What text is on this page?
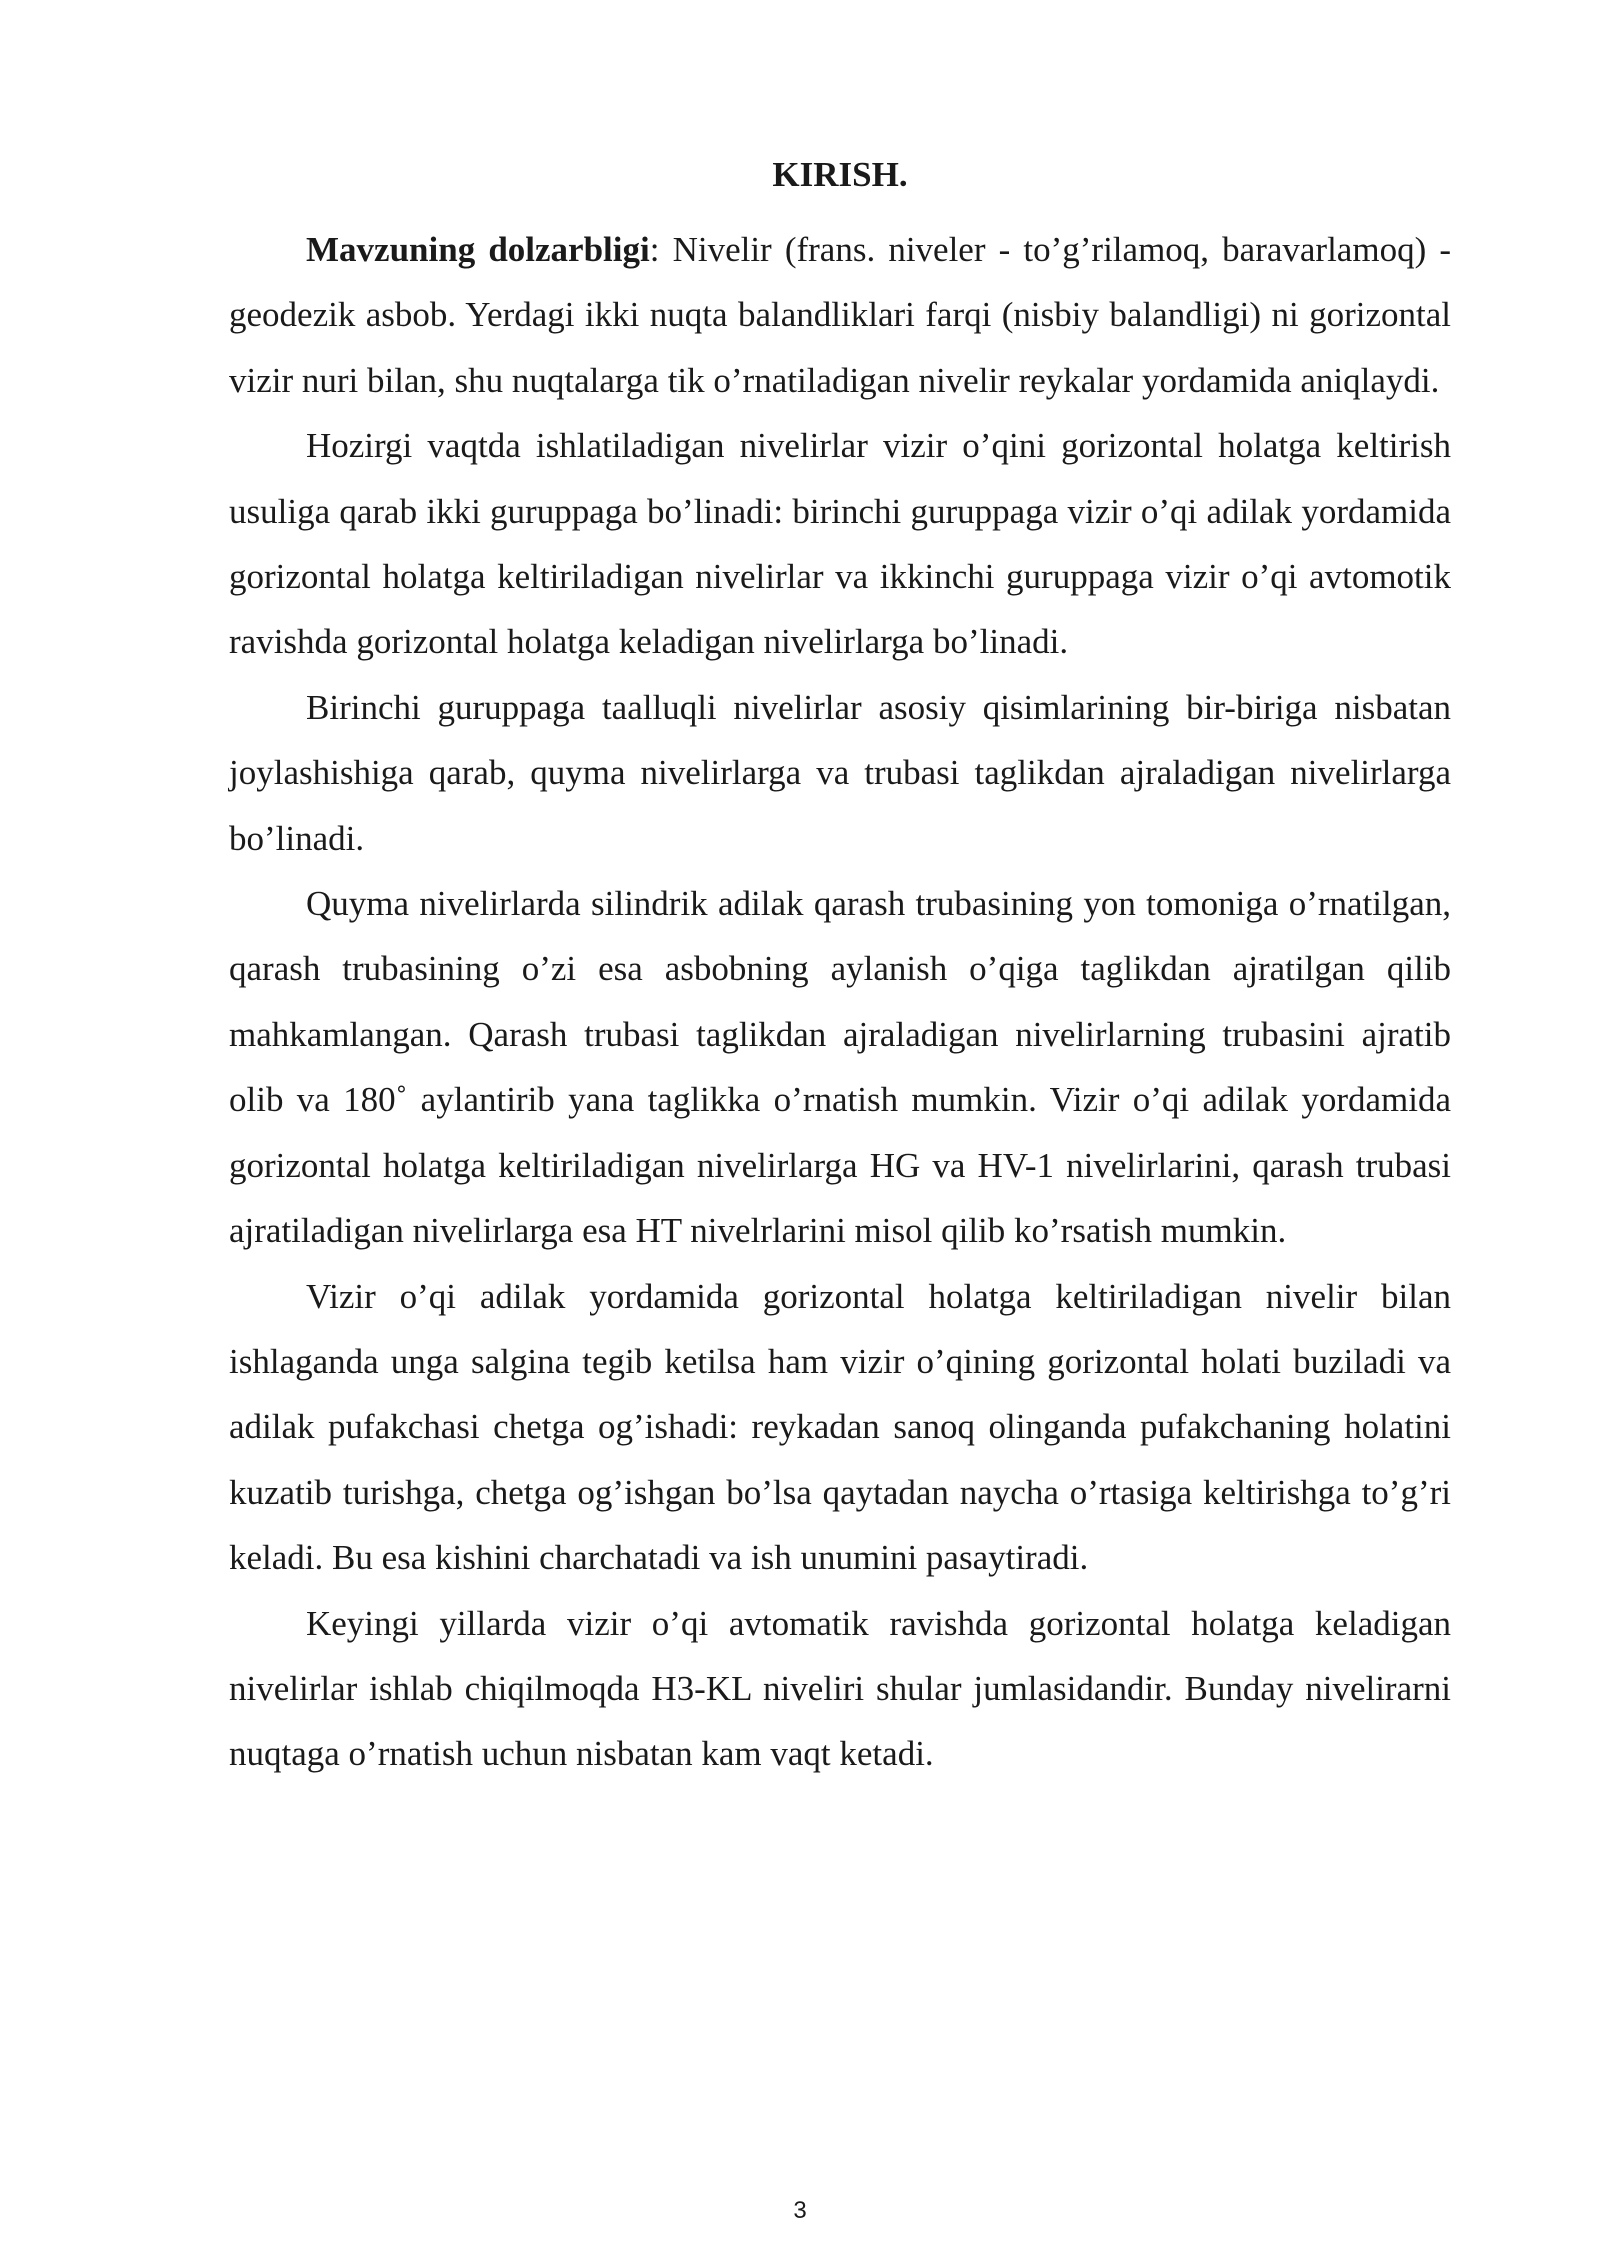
KIRISH.

Mavzuning dolzarbligi: Nivelir (frans. niveler - to’g’rilamoq, baravarlamoq) - geodezik asbob. Yerdagi ikki nuqta balandliklari farqi (nisbiy balandligi) ni gorizontal vizir nuri bilan, shu nuqtalarga tik o’rnatiladigan nivelir reykalar yordamida aniqlaydi.

Hozirgi vaqtda ishlatiladigan nivelirlar vizir o’qini gorizontal holatga keltirish usuliga qarab ikki guruppaga bo’linadi: birinchi guruppaga vizir o’qi adilak yordamida gorizontal holatga keltiriladigan nivelirlar va ikkinchi guruppaga vizir o’qi avtomotik ravishda gorizontal holatga keladigan nivelirlarga bo’linadi.

Birinchi guruppaga taalluqli nivelirlar asosiy qisimlarining bir-biriga nisbatan joylashishiga qarab, quyma nivelirlarga va trubasi taglikdan ajraladigan nivelirlarga bo’linadi.

Quyma nivelirlarda silindrik adilak qarash trubasining yon tomoniga o’rnatilgan, qarash trubasining o’zi esa asbobning aylanish o’qiga taglikdan ajratilgan qilib mahkamlangan. Qarash trubasi taglikdan ajraladigan nivelirlarning trubasini ajratib olib va 180˚ aylantirib yana taglikka o’rnatish mumkin. Vizir o’qi adilak yordamida gorizontal holatga keltiriladigan nivelirlarga HG va HV-1 nivelirlarini, qarash trubasi ajratiladigan nivelirlarga esa HT nivelrlarini misol qilib ko’rsatish mumkin.

Vizir o’qi adilak yordamida gorizontal holatga keltiriladigan nivelir bilan ishlaganda unga salgina tegib ketilsa ham vizir o’qining gorizontal holati buziladi va adilak pufakchasi chetga og’ishadi: reykadan sanoq olinganda pufakchaning holatini kuzatib turishga, chetga og’ishgan bo’lsa qaytadan naycha o’rtasiga keltirishga to’g’ri keladi. Bu esa kishini charchatadi va ish unumini pasaytiradi.

Keyingi yillarda vizir o’qi avtomatik ravishda gorizontal holatga keladigan nivelirlar ishlab chiqilmoqda H3-KL niveliri shular jumlasidandir. Bunday nivelirarni nuqtaga o’rnatish uchun nisbatan kam vaqt ketadi.

3
